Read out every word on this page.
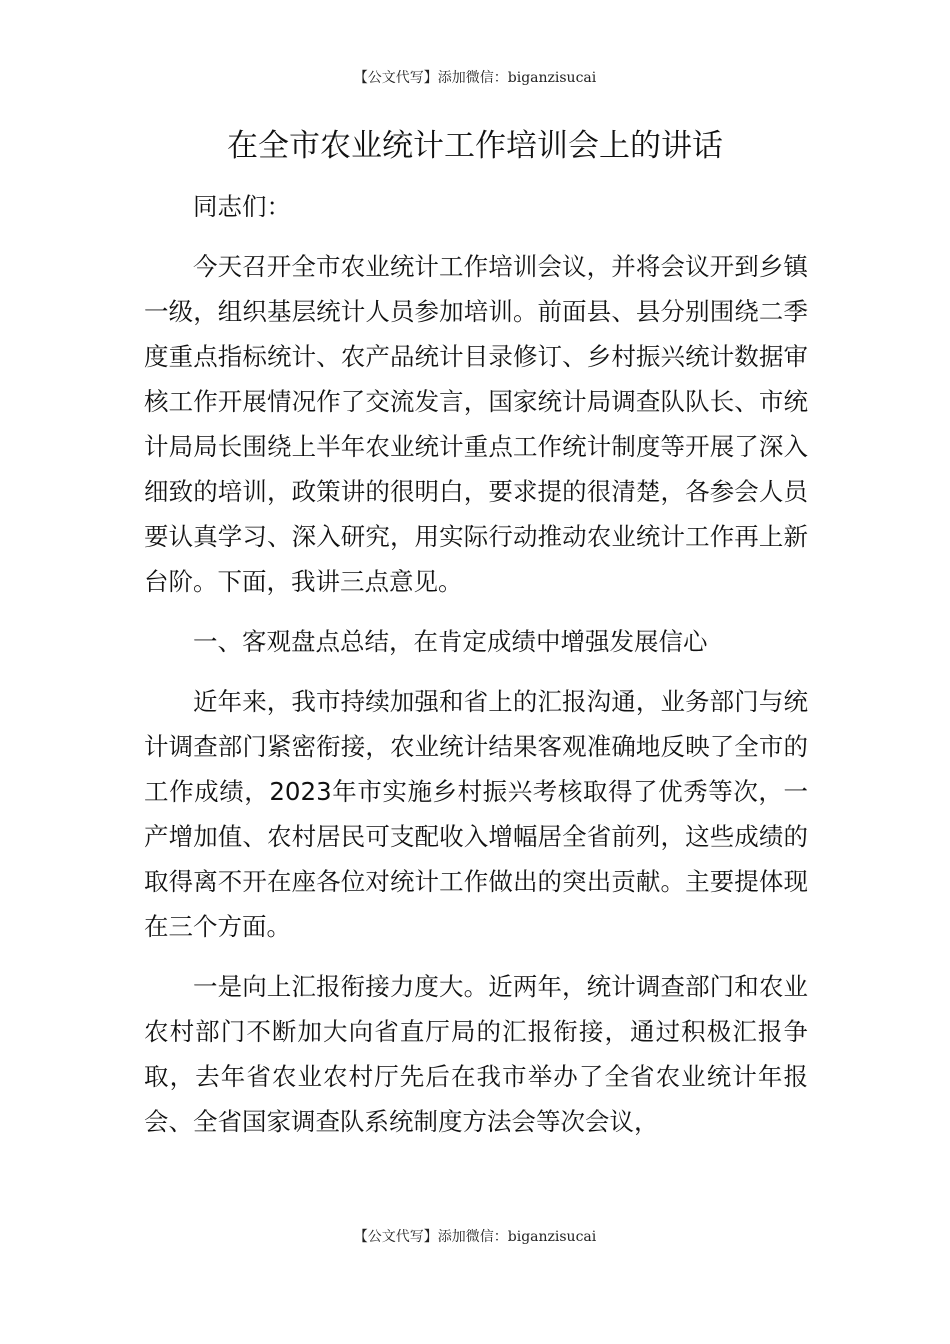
【公文代写】添加微信：biganzisucai
在全市农业统计工作培训会上的讲话

同志们：

今天召开全市农业统计工作培训会议，并将会议开到乡镇一级，组织基层统计人员参加培训。前面县、县分别围绕二季度重点指标统计、农产品统计目录修订、乡村振兴统计数据审核工作开展情况作了交流发言，国家统计局调查队队长、市统计局局长围绕上半年农业统计重点工作统计制度等开展了深入细致的培训，政策讲的很明白，要求提的很清楚，各参会人员要认真学习、深入研究，用实际行动推动农业统计工作再上新台阶。下面，我讲三点意见。

一、客观盘点总结，在肯定成绩中增强发展信心

近年来，我市持续加强和省上的汇报沟通，业务部门与统计调查部门紧密衔接，农业统计结果客观准确地反映了全市的工作成绩，2023年市实施乡村振兴考核取得了优秀等次，一产增加值、农村居民可支配收入增幅居全省前列，这些成绩的取得离不开在座各位对统计工作做出的突出贡献。主要提体现在三个方面。

一是向上汇报衔接力度大。近两年，统计调查部门和农业农村部门不断加大向省直厅局的汇报衔接，通过积极汇报争取，去年省农业农村厅先后在我市举办了全省农业统计年报会、全省国家调查队系统制度方法会等次会议，

【公文代写】添加微信：biganzisucai
